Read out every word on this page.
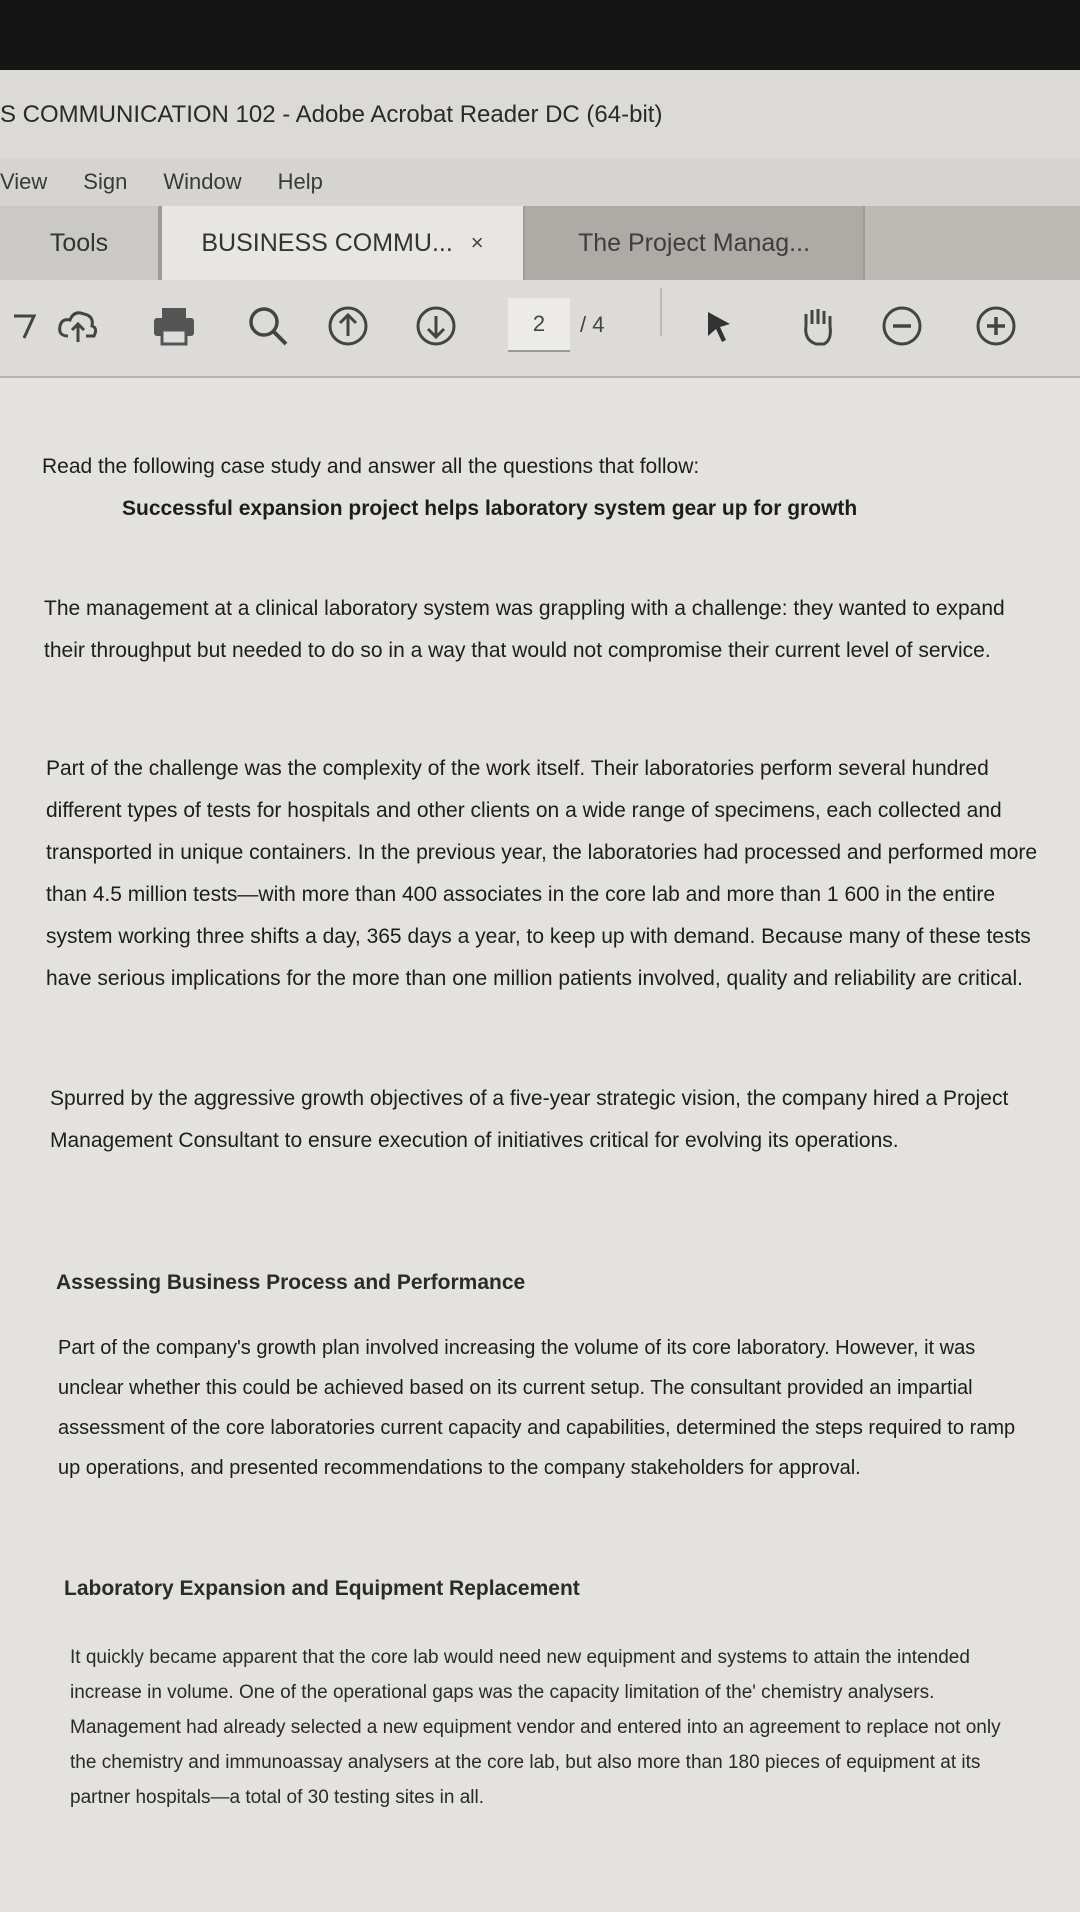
S COMMUNICATION 102 - Adobe Acrobat Reader DC (64-bit)
View Sign Window Help
Tools	BUSINESS COMMU... ×	The Project Manag...
2 / 4

Read the following case study and answer all the questions that follow:

Successful expansion project helps laboratory system gear up for growth

The management at a clinical laboratory system was grappling with a challenge: they wanted to expand their throughput but needed to do so in a way that would not compromise their current level of service.

Part of the challenge was the complexity of the work itself. Their laboratories perform several hundred different types of tests for hospitals and other clients on a wide range of specimens, each collected and transported in unique containers. In the previous year, the laboratories had processed and performed more than 4.5 million tests—with more than 400 associates in the core lab and more than 1 600 in the entire system working three shifts a day, 365 days a year, to keep up with demand. Because many of these tests have serious implications for the more than one million patients involved, quality and reliability are critical.

Spurred by the aggressive growth objectives of a five-year strategic vision, the company hired a Project Management Consultant to ensure execution of initiatives critical for evolving its operations.

Assessing Business Process and Performance

Part of the company's growth plan involved increasing the volume of its core laboratory. However, it was unclear whether this could be achieved based on its current setup. The consultant provided an impartial assessment of the core laboratories current capacity and capabilities, determined the steps required to ramp up operations, and presented recommendations to the company stakeholders for approval.

Laboratory Expansion and Equipment Replacement

It quickly became apparent that the core lab would need new equipment and systems to attain the intended increase in volume. One of the operational gaps was the capacity limitation of the' chemistry analysers. Management had already selected a new equipment vendor and entered into an agreement to replace not only the chemistry and immunoassay analysers at the core lab, but also more than 180 pieces of equipment at its partner hospitals—a total of 30 testing sites in all.
